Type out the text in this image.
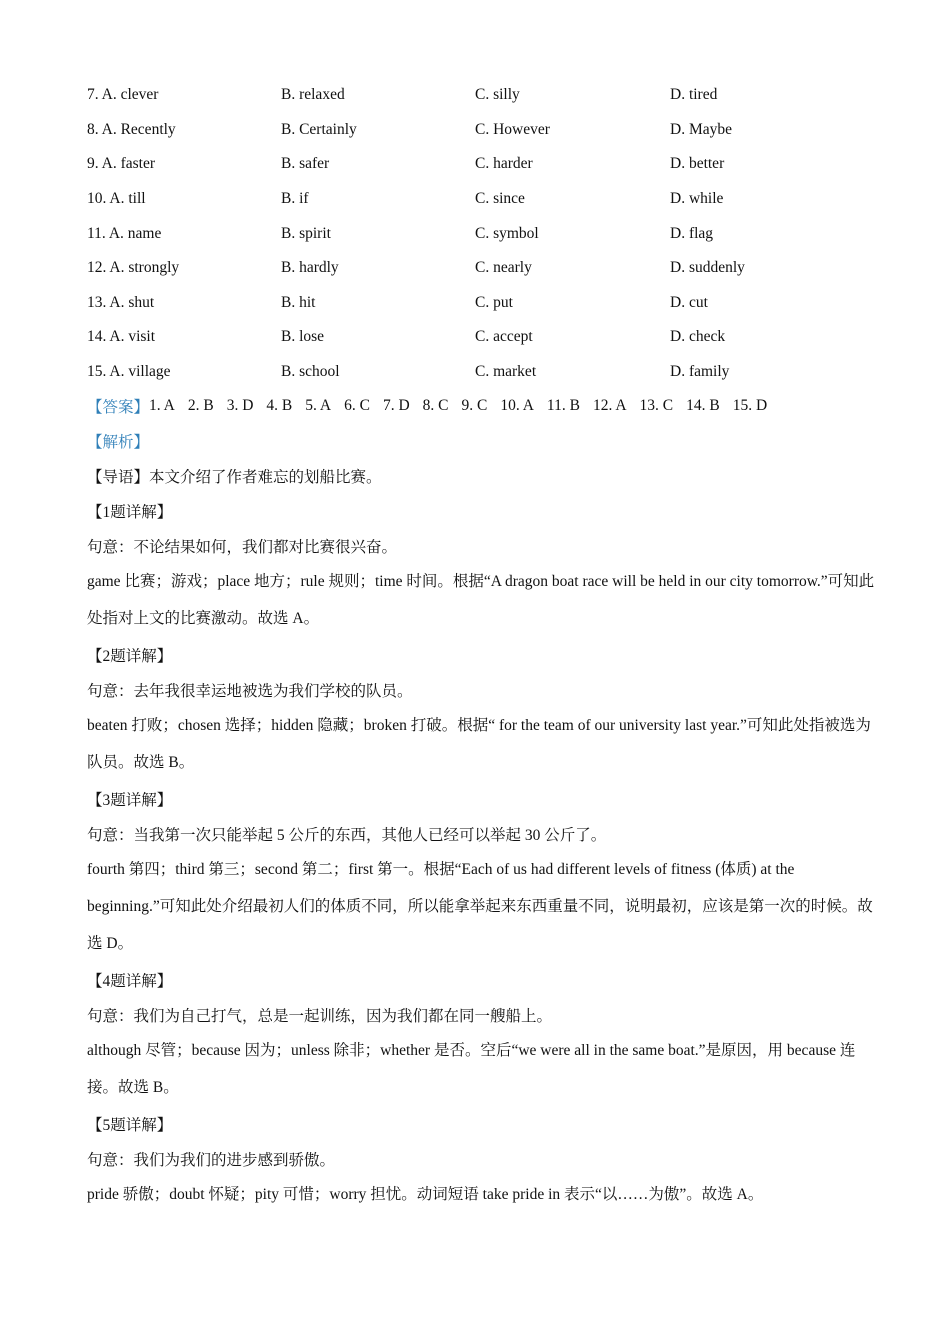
7. A. clever	B. relaxed	C. silly	D. tired
8. A. Recently	B. Certainly	C. However	D. Maybe
9. A. faster	B. safer	C. harder	D. better
10. A. till	B. if	C. since	D. while
11. A. name	B. spirit	C. symbol	D. flag
12. A. strongly	B. hardly	C. nearly	D. suddenly
13. A. shut	B. hit	C. put	D. cut
14. A. visit	B. lose	C. accept	D. check
15. A. village	B. school	C. market	D. family
【答案】 1. A 2. B 3. D 4. B 5. A 6. C 7. D 8. C 9. C 10. A 11. B 12. A 13. C 14. B 15. D
【解析】
【导语】本文介绍了作者难忘的划船比赛。
【1题详解】
句意：不论结果如何，我们都对比赛很兴奋。
game 比赛；游戏；place 地方；rule 规则；time 时间。根据“A dragon boat race will be held in our city tomorrow.”可知此处指对上文的比赛激动。故选 A。
【2题详解】
句意：去年我很幸运地被选为我们学校的队员。
beaten 打败；chosen 选择；hidden 隐藏；broken 打破。根据“ for the team of our university last year.”可知此处指被选为队员。故选 B。
【3题详解】
句意：当我第一次只能举起 5 公斤的东西，其他人已经可以举起 30 公斤了。
fourth 第四；third 第三；second 第二；first 第一。根据“Each of us had different levels of fitness (体质) at the beginning.”可知此处介绍最初人们的体质不同，所以能拿举起来东西重量不同，说明最初，应该是第一次的时候。故选 D。
【4题详解】
句意：我们为自己打气，总是一起训练，因为我们都在同一艘船上。
although 尽管；because 因为；unless 除非；whether 是否。空后“we were all in the same boat.”是原因，用 because 连接。故选 B。
【5题详解】
句意：我们为我们的进步感到骄傲。
pride 骄傲；doubt 怀疑；pity 可惜；worry 担忧。动词短语 take pride in 表示“以……为傲”。故选 A。
